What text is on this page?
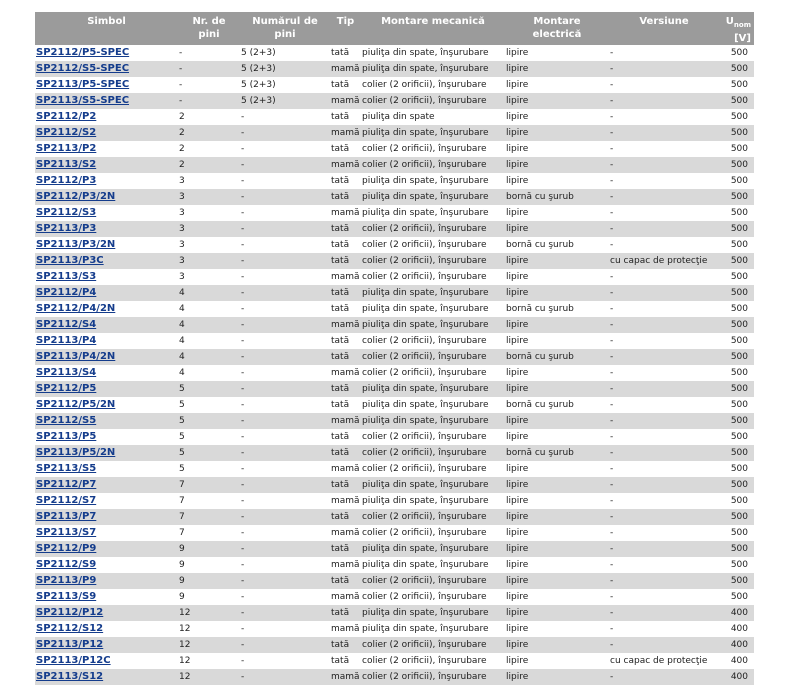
Simbol	Nr. de pini	Numărul de pini	Tip	Montare mecanică	Montare electrică	Versiune	$U_{nom}$
[V]
SP2112/P5-SPEC	-	5 (2+3)	tată	piuliţa din spate, înşurubare	lipire	-	500
SP2112/S5-SPEC	-	5 (2+3)	mamă	piuliţa din spate, înşurubare	lipire	-	500
SP2113/P5-SPEC	-	5 (2+3)	tată	colier (2 orificii), înşurubare	lipire	-	500
SP2113/S5-SPEC	-	5 (2+3)	mamă	colier (2 orificii), înşurubare	lipire	-	500
SP2112/P2	2	-	tată	piuliţa din spate	lipire	-	500
SP2112/S2	2	-	mamă	piuliţa din spate, înşurubare	lipire	-	500
SP2113/P2	2	-	tată	colier (2 orificii), înşurubare	lipire	-	500
SP2113/S2	2	-	mamă	colier (2 orificii), înşurubare	lipire	-	500
SP2112/P3	3	-	tată	piuliţa din spate, înşurubare	lipire	-	500
SP2112/P3/2N	3	-	tată	piuliţa din spate, înşurubare	bornă cu şurub	-	500
SP2112/S3	3	-	mamă	piuliţa din spate, înşurubare	lipire	-	500
SP2113/P3	3	-	tată	colier (2 orificii), înşurubare	lipire	-	500
SP2113/P3/2N	3	-	tată	colier (2 orificii), înşurubare	bornă cu şurub	-	500
SP2113/P3C	3	-	tată	colier (2 orificii), înşurubare	lipire	cu capac de protecţie	500
SP2113/S3	3	-	mamă	colier (2 orificii), înşurubare	lipire	-	500
SP2112/P4	4	-	tată	piuliţa din spate, înşurubare	lipire	-	500
SP2112/P4/2N	4	-	tată	piuliţa din spate, înşurubare	bornă cu şurub	-	500
SP2112/S4	4	-	mamă	piuliţa din spate, înşurubare	lipire	-	500
SP2113/P4	4	-	tată	colier (2 orificii), înşurubare	lipire	-	500
SP2113/P4/2N	4	-	tată	colier (2 orificii), înşurubare	bornă cu şurub	-	500
SP2113/S4	4	-	mamă	colier (2 orificii), înşurubare	lipire	-	500
SP2112/P5	5	-	tată	piuliţa din spate, înşurubare	lipire	-	500
SP2112/P5/2N	5	-	tată	piuliţa din spate, înşurubare	bornă cu şurub	-	500
SP2112/S5	5	-	mamă	piuliţa din spate, înşurubare	lipire	-	500
SP2113/P5	5	-	tată	colier (2 orificii), înşurubare	lipire	-	500
SP2113/P5/2N	5	-	tată	colier (2 orificii), înşurubare	bornă cu şurub	-	500
SP2113/S5	5	-	mamă	colier (2 orificii), înşurubare	lipire	-	500
SP2112/P7	7	-	tată	piuliţa din spate, înşurubare	lipire	-	500
SP2112/S7	7	-	mamă	piuliţa din spate, înşurubare	lipire	-	500
SP2113/P7	7	-	tată	colier (2 orificii), înşurubare	lipire	-	500
SP2113/S7	7	-	mamă	colier (2 orificii), înşurubare	lipire	-	500
SP2112/P9	9	-	tată	piuliţa din spate, înşurubare	lipire	-	500
SP2112/S9	9	-	mamă	piuliţa din spate, înşurubare	lipire	-	500
SP2113/P9	9	-	tată	colier (2 orificii), înşurubare	lipire	-	500
SP2113/S9	9	-	mamă	colier (2 orificii), înşurubare	lipire	-	500
SP2112/P12	12	-	tată	piuliţa din spate, înşurubare	lipire	-	400
SP2112/S12	12	-	mamă	piuliţa din spate, înşurubare	lipire	-	400
SP2113/P12	12	-	tată	colier (2 orificii), înşurubare	lipire	-	400
SP2113/P12C	12	-	tată	colier (2 orificii), înşurubare	lipire	cu capac de protecţie	400
SP2113/S12	12	-	mamă	colier (2 orificii), înşurubare	lipire	-	400
